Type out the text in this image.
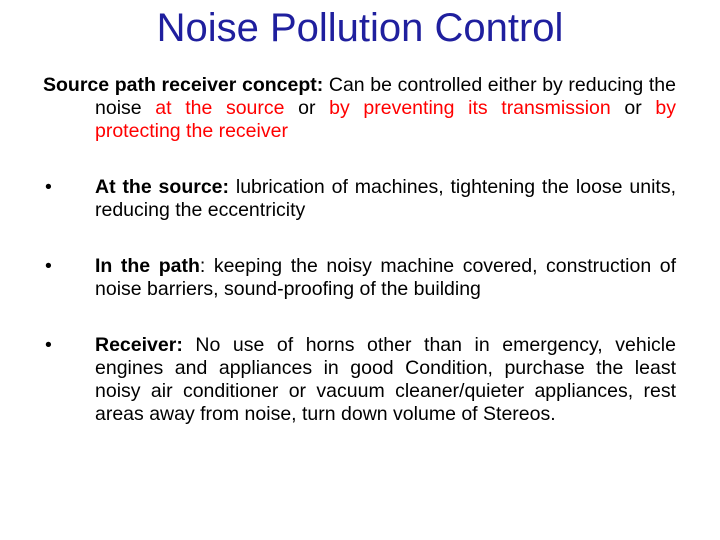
Noise Pollution Control

Source path receiver concept: Can be controlled either by reducing the noise at the source or by preventing its transmission or by protecting the receiver

• At the source: lubrication of machines, tightening the loose units, reducing the eccentricity
• In the path: keeping the noisy machine covered, construction of noise barriers, sound-proofing of the building
• Receiver: No use of horns other than in emergency, vehicle engines and appliances in good Condition, purchase the least noisy air conditioner or vacuum cleaner/quieter appliances, rest areas away from noise, turn down volume of Stereos.
